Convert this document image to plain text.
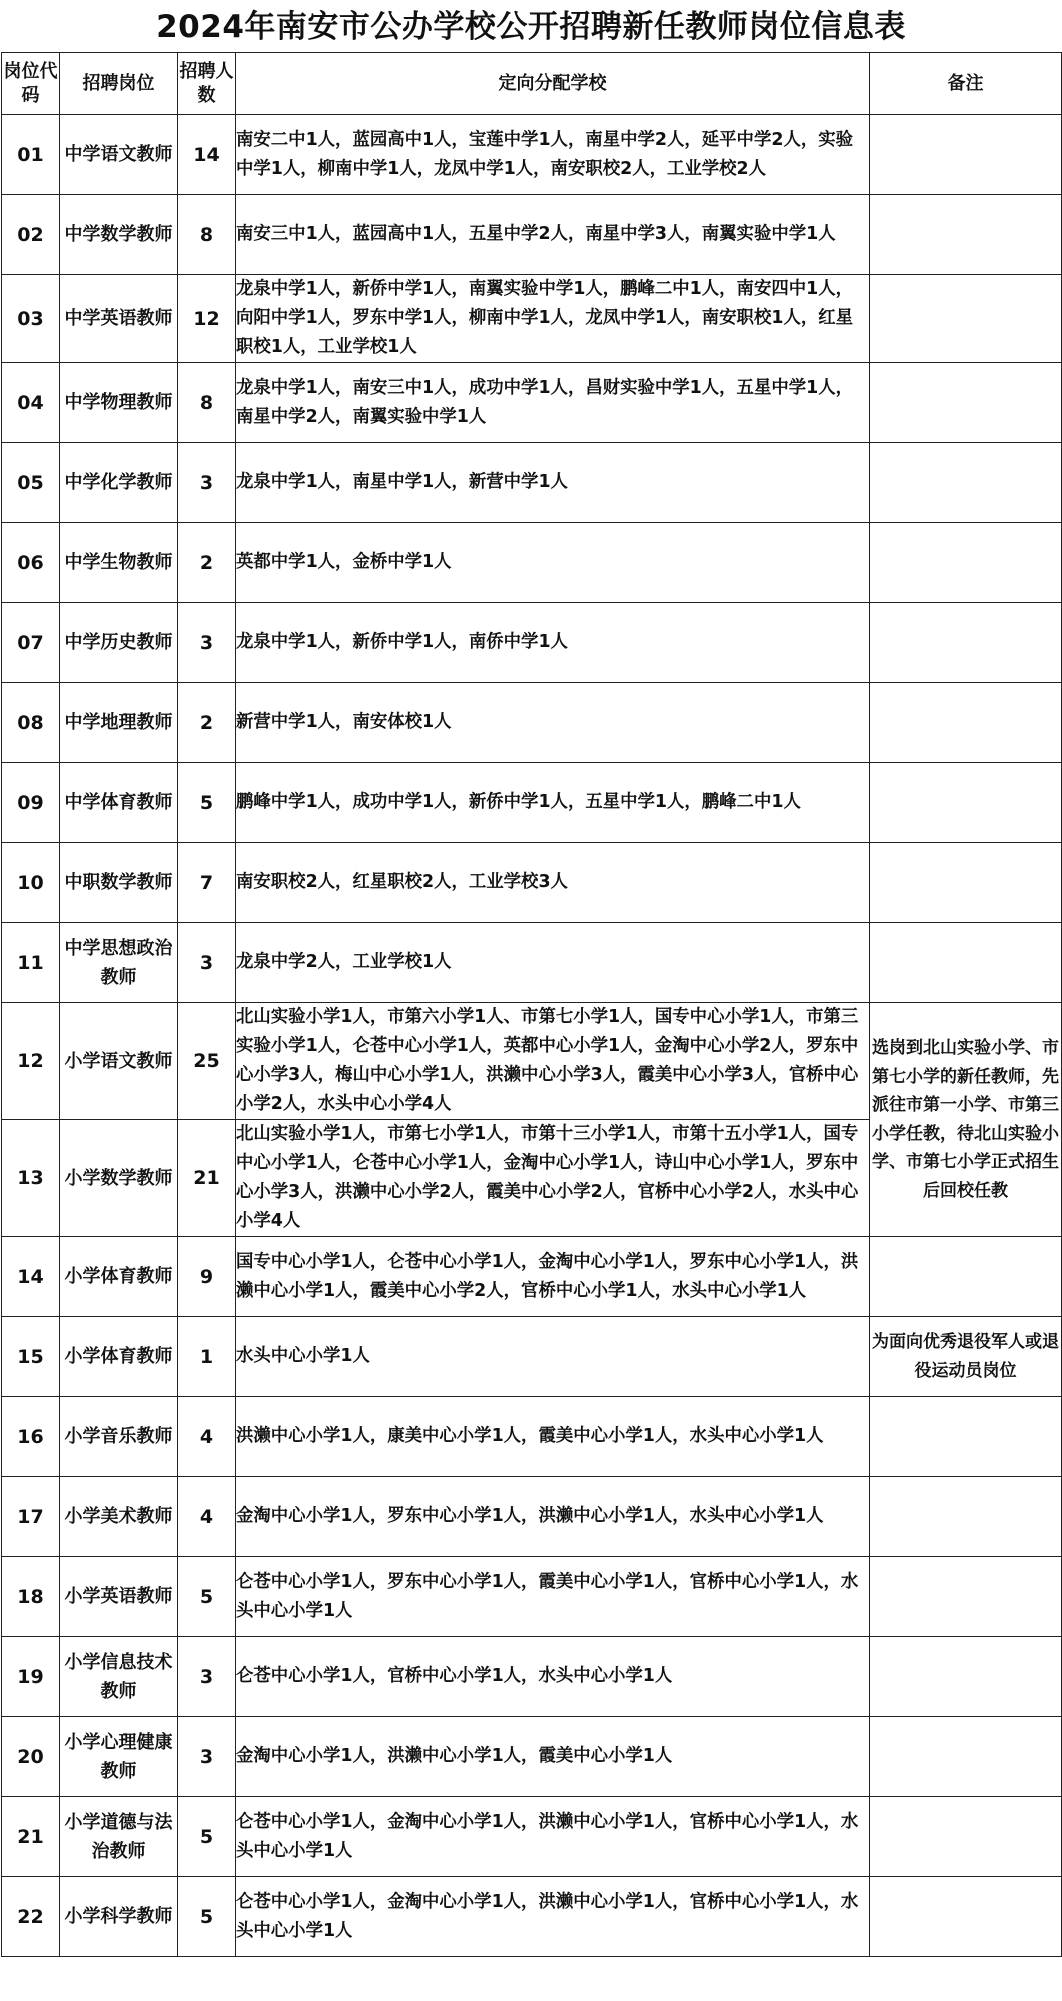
2024年南安市公办学校公开招聘新任教师岗位信息表
岗位代码	招聘岗位	招聘人数	定向分配学校	备注
01	中学语文教师	14	南安二中1人，蓝园高中1人，宝莲中学1人，南星中学2人，延平中学2人，实验中学1人，柳南中学1人，龙凤中学1人，南安职校2人，工业学校2人	
02	中学数学教师	8	南安三中1人，蓝园高中1人，五星中学2人，南星中学3人，南翼实验中学1人	
03	中学英语教师	12	龙泉中学1人，新侨中学1人，南翼实验中学1人，鹏峰二中1人，南安四中1人，向阳中学1人，罗东中学1人，柳南中学1人，龙凤中学1人，南安职校1人，红星职校1人，工业学校1人	
04	中学物理教师	8	龙泉中学1人，南安三中1人，成功中学1人，昌财实验中学1人，五星中学1人，南星中学2人，南翼实验中学1人	
05	中学化学教师	3	龙泉中学1人，南星中学1人，新营中学1人	
06	中学生物教师	2	英都中学1人，金桥中学1人	
07	中学历史教师	3	龙泉中学1人，新侨中学1人，南侨中学1人	
08	中学地理教师	2	新营中学1人，南安体校1人	
09	中学体育教师	5	鹏峰中学1人，成功中学1人，新侨中学1人，五星中学1人，鹏峰二中1人	
10	中职数学教师	7	南安职校2人，红星职校2人，工业学校3人	
11	中学思想政治教师	3	龙泉中学2人，工业学校1人	
12	小学语文教师	25	北山实验小学1人，市第六小学1人、市第七小学1人，国专中心小学1人，市第三实验小学1人，仑苍中心小学1人，英都中心小学1人，金淘中心小学2人，罗东中心小学3人，梅山中心小学1人，洪濑中心小学3人，霞美中心小学3人，官桥中心小学2人，水头中心小学4人	选岗到北山实验小学、市第七小学的新任教师，先派往市第一小学、市第三小学任教，待北山实验小学、市第七小学正式招生后回校任教
13	小学数学教师	21	北山实验小学1人，市第七小学1人，市第十三小学1人，市第十五小学1人，国专中心小学1人，仑苍中心小学1人，金淘中心小学1人，诗山中心小学1人，罗东中心小学3人，洪濑中心小学2人，霞美中心小学2人，官桥中心小学2人，水头中心小学4人	
14	小学体育教师	9	国专中心小学1人，仑苍中心小学1人，金淘中心小学1人，罗东中心小学1人，洪濑中心小学1人，霞美中心小学2人，官桥中心小学1人，水头中心小学1人	
15	小学体育教师	1	水头中心小学1人	为面向优秀退役军人或退役运动员岗位
16	小学音乐教师	4	洪濑中心小学1人，康美中心小学1人，霞美中心小学1人，水头中心小学1人	
17	小学美术教师	4	金淘中心小学1人，罗东中心小学1人，洪濑中心小学1人，水头中心小学1人	
18	小学英语教师	5	仑苍中心小学1人，罗东中心小学1人，霞美中心小学1人，官桥中心小学1人，水头中心小学1人	
19	小学信息技术教师	3	仑苍中心小学1人，官桥中心小学1人，水头中心小学1人	
20	小学心理健康教师	3	金淘中心小学1人，洪濑中心小学1人，霞美中心小学1人	
21	小学道德与法治教师	5	仑苍中心小学1人，金淘中心小学1人，洪濑中心小学1人，官桥中心小学1人，水头中心小学1人	
22	小学科学教师	5	仑苍中心小学1人，金淘中心小学1人，洪濑中心小学1人，官桥中心小学1人，水头中心小学1人	
